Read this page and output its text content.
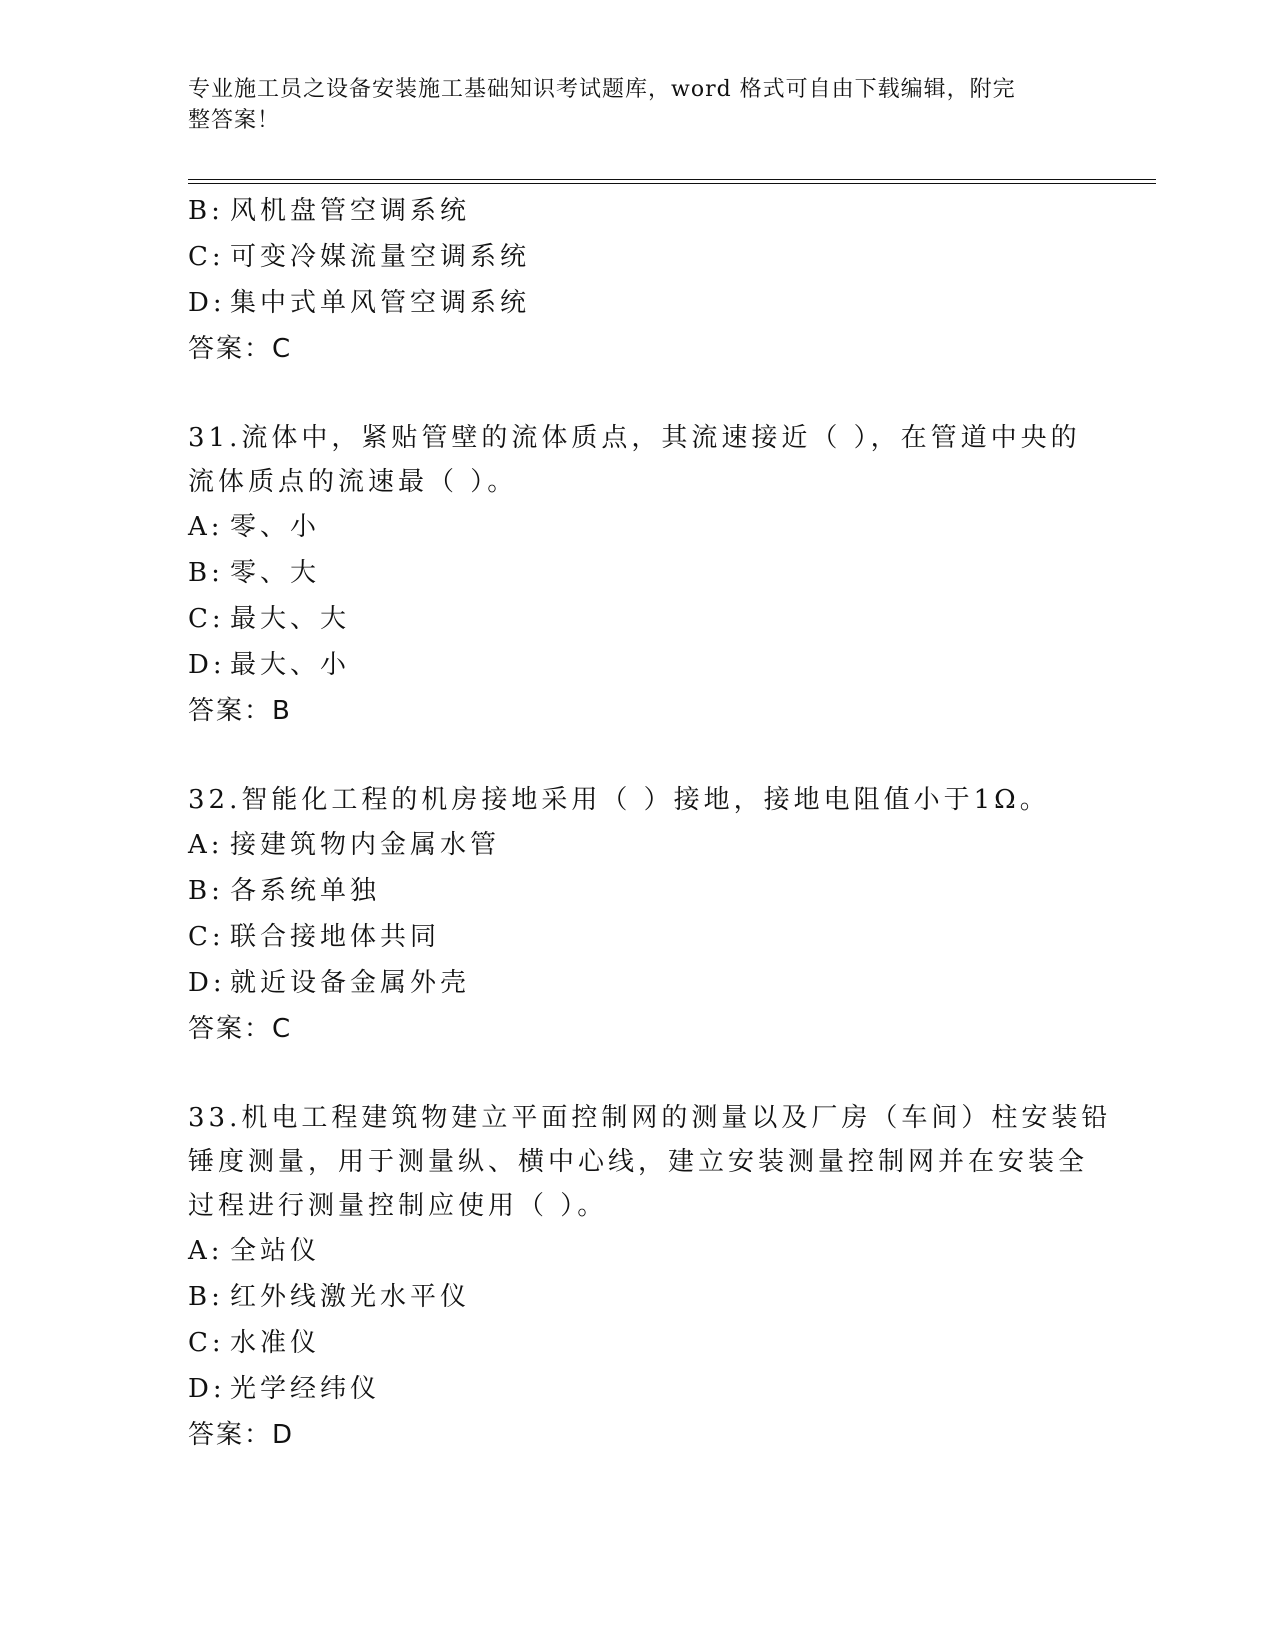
专业施工员之设备安装施工基础知识考试题库，word 格式可自由下载编辑，附完
整答案！
B: 风机盘管空调系统
C: 可变冷媒流量空调系统
D: 集中式单风管空调系统
答案：C
31.流体中，紧贴管壁的流体质点，其流速接近（ ），在管道中央的
流体质点的流速最（ ）。
A: 零、小
B: 零、大
C: 最大、大
D: 最大、小
答案：B
32.智能化工程的机房接地采用（ ）接地，接地电阻值小于1Ω。
A: 接建筑物内金属水管
B: 各系统单独
C: 联合接地体共同
D: 就近设备金属外壳
答案：C
33.机电工程建筑物建立平面控制网的测量以及厂房（车间）柱安装铅
锤度测量，用于测量纵、横中心线，建立安装测量控制网并在安装全
过程进行测量控制应使用（ ）。
A: 全站仪
B: 红外线激光水平仪
C: 水准仪
D: 光学经纬仪
答案：D
